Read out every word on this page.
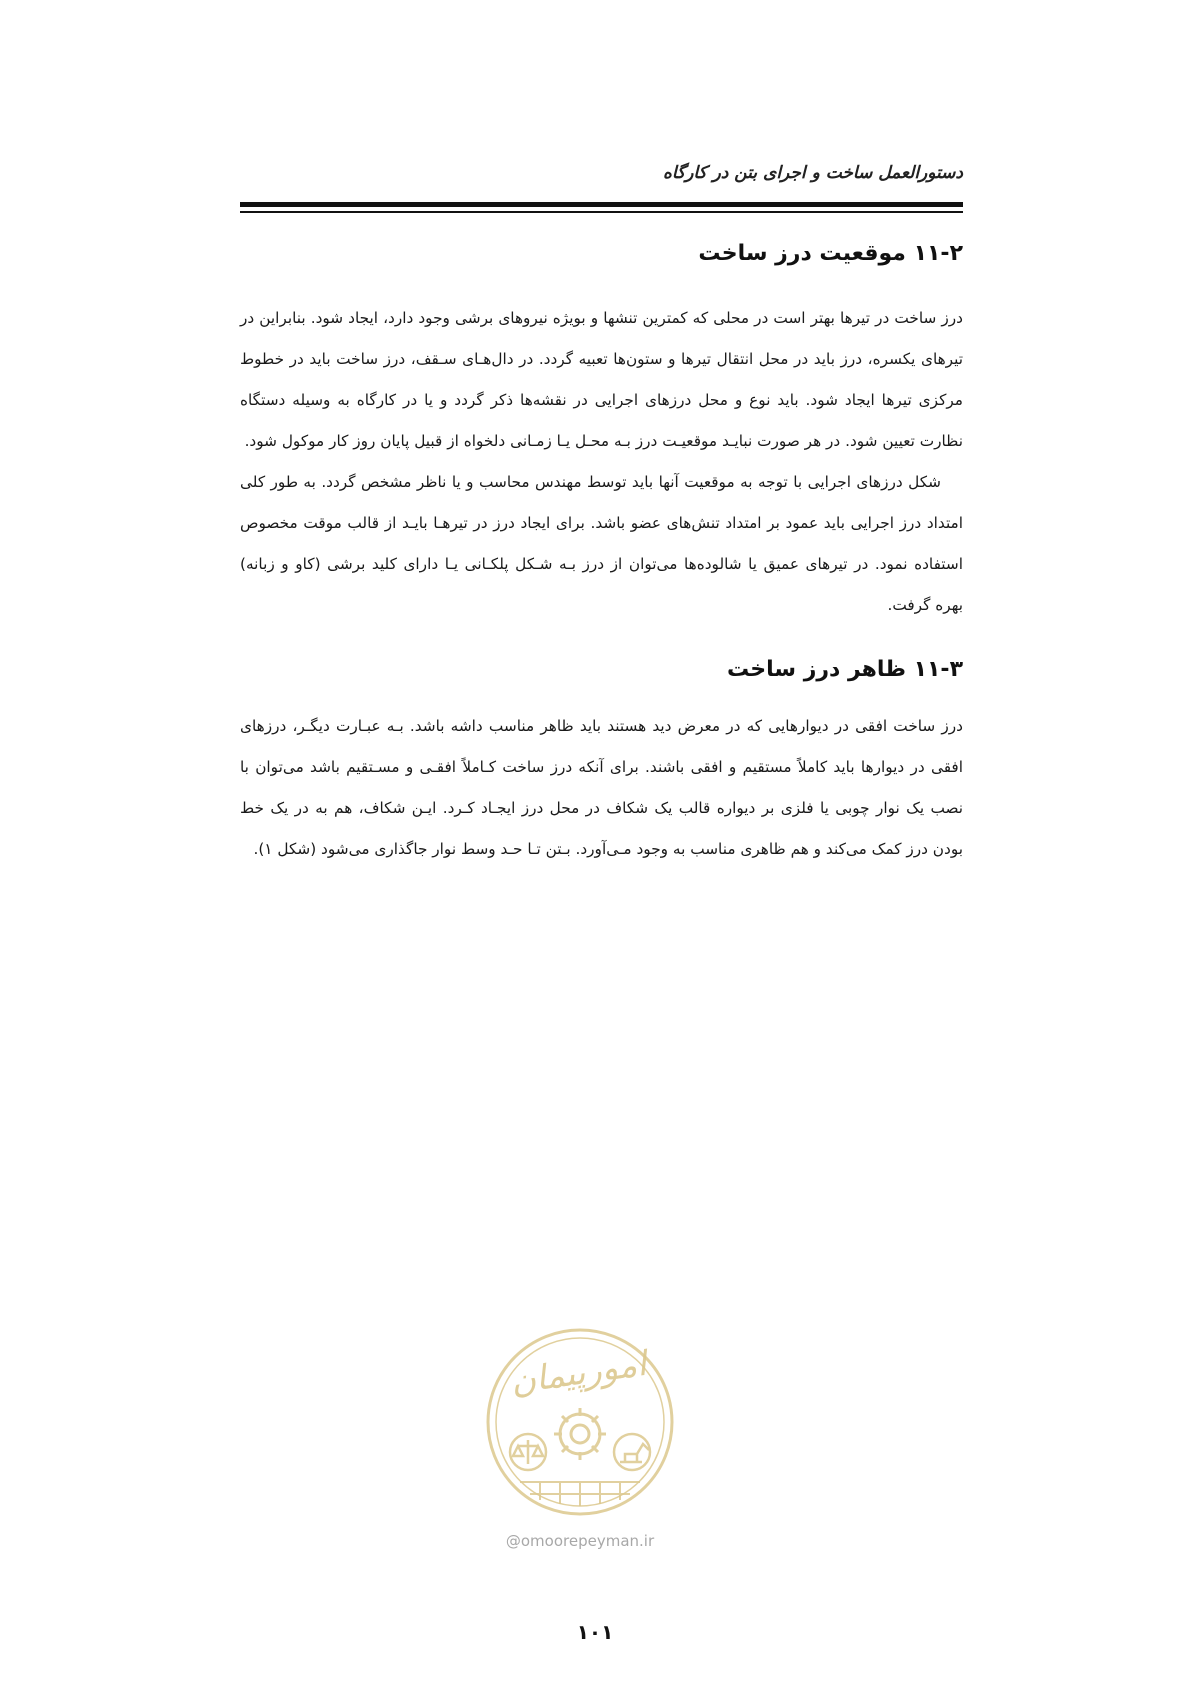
دستورالعمل ساخت و اجرای بتن در کارگاه
۱۱-۲ موقعیت درز ساخت

درز ساخت در تیرها بهتر است در محلی که کمترین تنشها و بویژه نیروهای برشی وجود دارد، ایجاد شود. بنابراین در تیرهای یکسره، درز باید در محل انتقال تیرها و ستون‌ها تعبیه گردد. در دال‌هـای سـقف، درز ساخت باید در خطوط مرکزی تیرها ایجاد شود. باید نوع و محل درزهای اجرایی در نقشه‌ها ذکر گردد و یا در کارگاه به وسیله دستگاه نظارت تعیین شود. در هر صورت نبایـد موقعیـت درز بـه محـل یـا زمـانی دلخواه از قبیل پایان روز کار موکول شود.

شکل درزهای اجرایی با توجه به موقعیت آنها باید توسط مهندس محاسب و یا ناظر مشخص گردد. به طور کلی امتداد درز اجرایی باید عمود بر امتداد تنش‌های عضو باشد. برای ایجاد درز در تیرهـا بایـد از قالب موقت مخصوص استفاده نمود. در تیرهای عمیق یا شالوده‌ها می‌توان از درز بـه شـکل پلکـانی یـا دارای کلید برشی (کاو و زبانه) بهره گرفت.

۱۱-۳ ظاهر درز ساخت

درز ساخت افقی در دیوارهایی که در معرض دید هستند باید ظاهر مناسب داشه باشد. بـه عبـارت دیگـر، درزهای افقی در دیوارها باید کاملاً مستقیم و افقی باشند. برای آنکه درز ساخت کـاملاً افقـی و مسـتقیم باشد می‌توان با نصب یک نوار چوبی یا فلزی بر دیواره قالب یک شکاف در محل درز ایجـاد کـرد. ایـن شکاف، هم به در یک خط بودن درز کمک می‌کند و هم ظاهری مناسب به وجود مـی‌آورد. بـتن تـا حـد وسط نوار جاگذاری می‌شود (شکل ۱).

امورپیمان
@omoorepeyman.ir
۱۰۱
